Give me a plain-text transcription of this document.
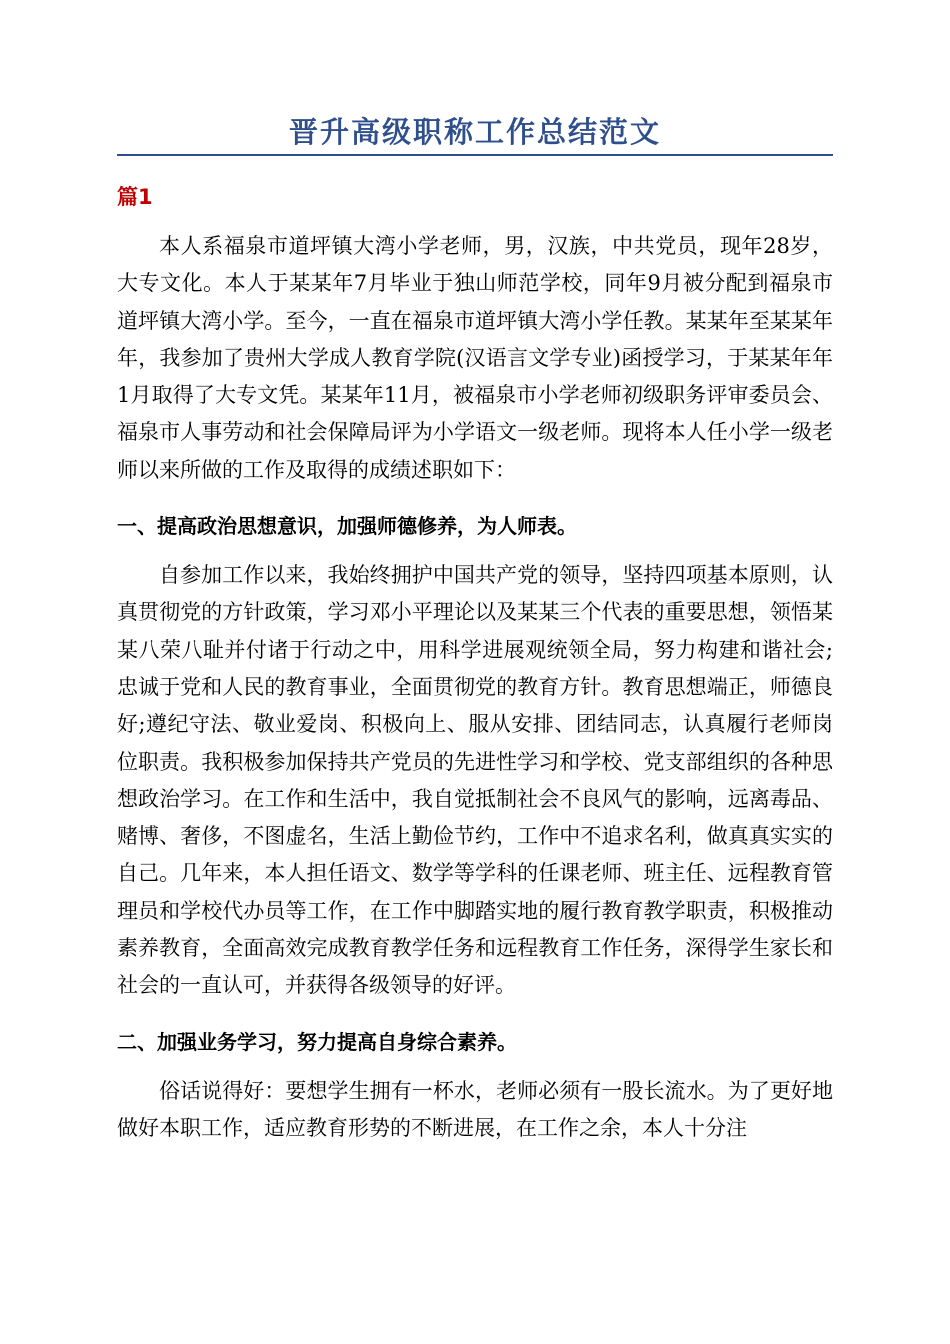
晋升高级职称工作总结范文
篇1

本人系福泉市道坪镇大湾小学老师，男，汉族，中共党员，现年28岁，大专文化。本人于某某年7月毕业于独山师范学校，同年9月被分配到福泉市道坪镇大湾小学。至今，一直在福泉市道坪镇大湾小学任教。某某年至某某年年，我参加了贵州大学成人教育学院(汉语言文学专业)函授学习，于某某年年1月取得了大专文凭。某某年11月，被福泉市小学老师初级职务评审委员会、福泉市人事劳动和社会保障局评为小学语文一级老师。现将本人任小学一级老师以来所做的工作及取得的成绩述职如下：

一、提高政治思想意识，加强师德修养，为人师表。

自参加工作以来，我始终拥护中国共产党的领导，坚持四项基本原则，认真贯彻党的方针政策，学习邓小平理论以及某某三个代表的重要思想，领悟某某八荣八耻并付诸于行动之中，用科学进展观统领全局，努力构建和谐社会;忠诚于党和人民的教育事业，全面贯彻党的教育方针。教育思想端正，师德良好;遵纪守法、敬业爱岗、积极向上、服从安排、团结同志，认真履行老师岗位职责。我积极参加保持共产党员的先进性学习和学校、党支部组织的各种思想政治学习。在工作和生活中，我自觉抵制社会不良风气的影响，远离毒品、赌博、奢侈，不图虚名，生活上勤俭节约，工作中不追求名利，做真真实实的自己。几年来，本人担任语文、数学等学科的任课老师、班主任、远程教育管理员和学校代办员等工作，在工作中脚踏实地的履行教育教学职责，积极推动素养教育，全面高效完成教育教学任务和远程教育工作任务，深得学生家长和社会的一直认可，并获得各级领导的好评。

二、加强业务学习，努力提高自身综合素养。

俗话说得好：要想学生拥有一杯水，老师必须有一股长流水。为了更好地做好本职工作，适应教育形势的不断进展，在工作之余，本人十分注
